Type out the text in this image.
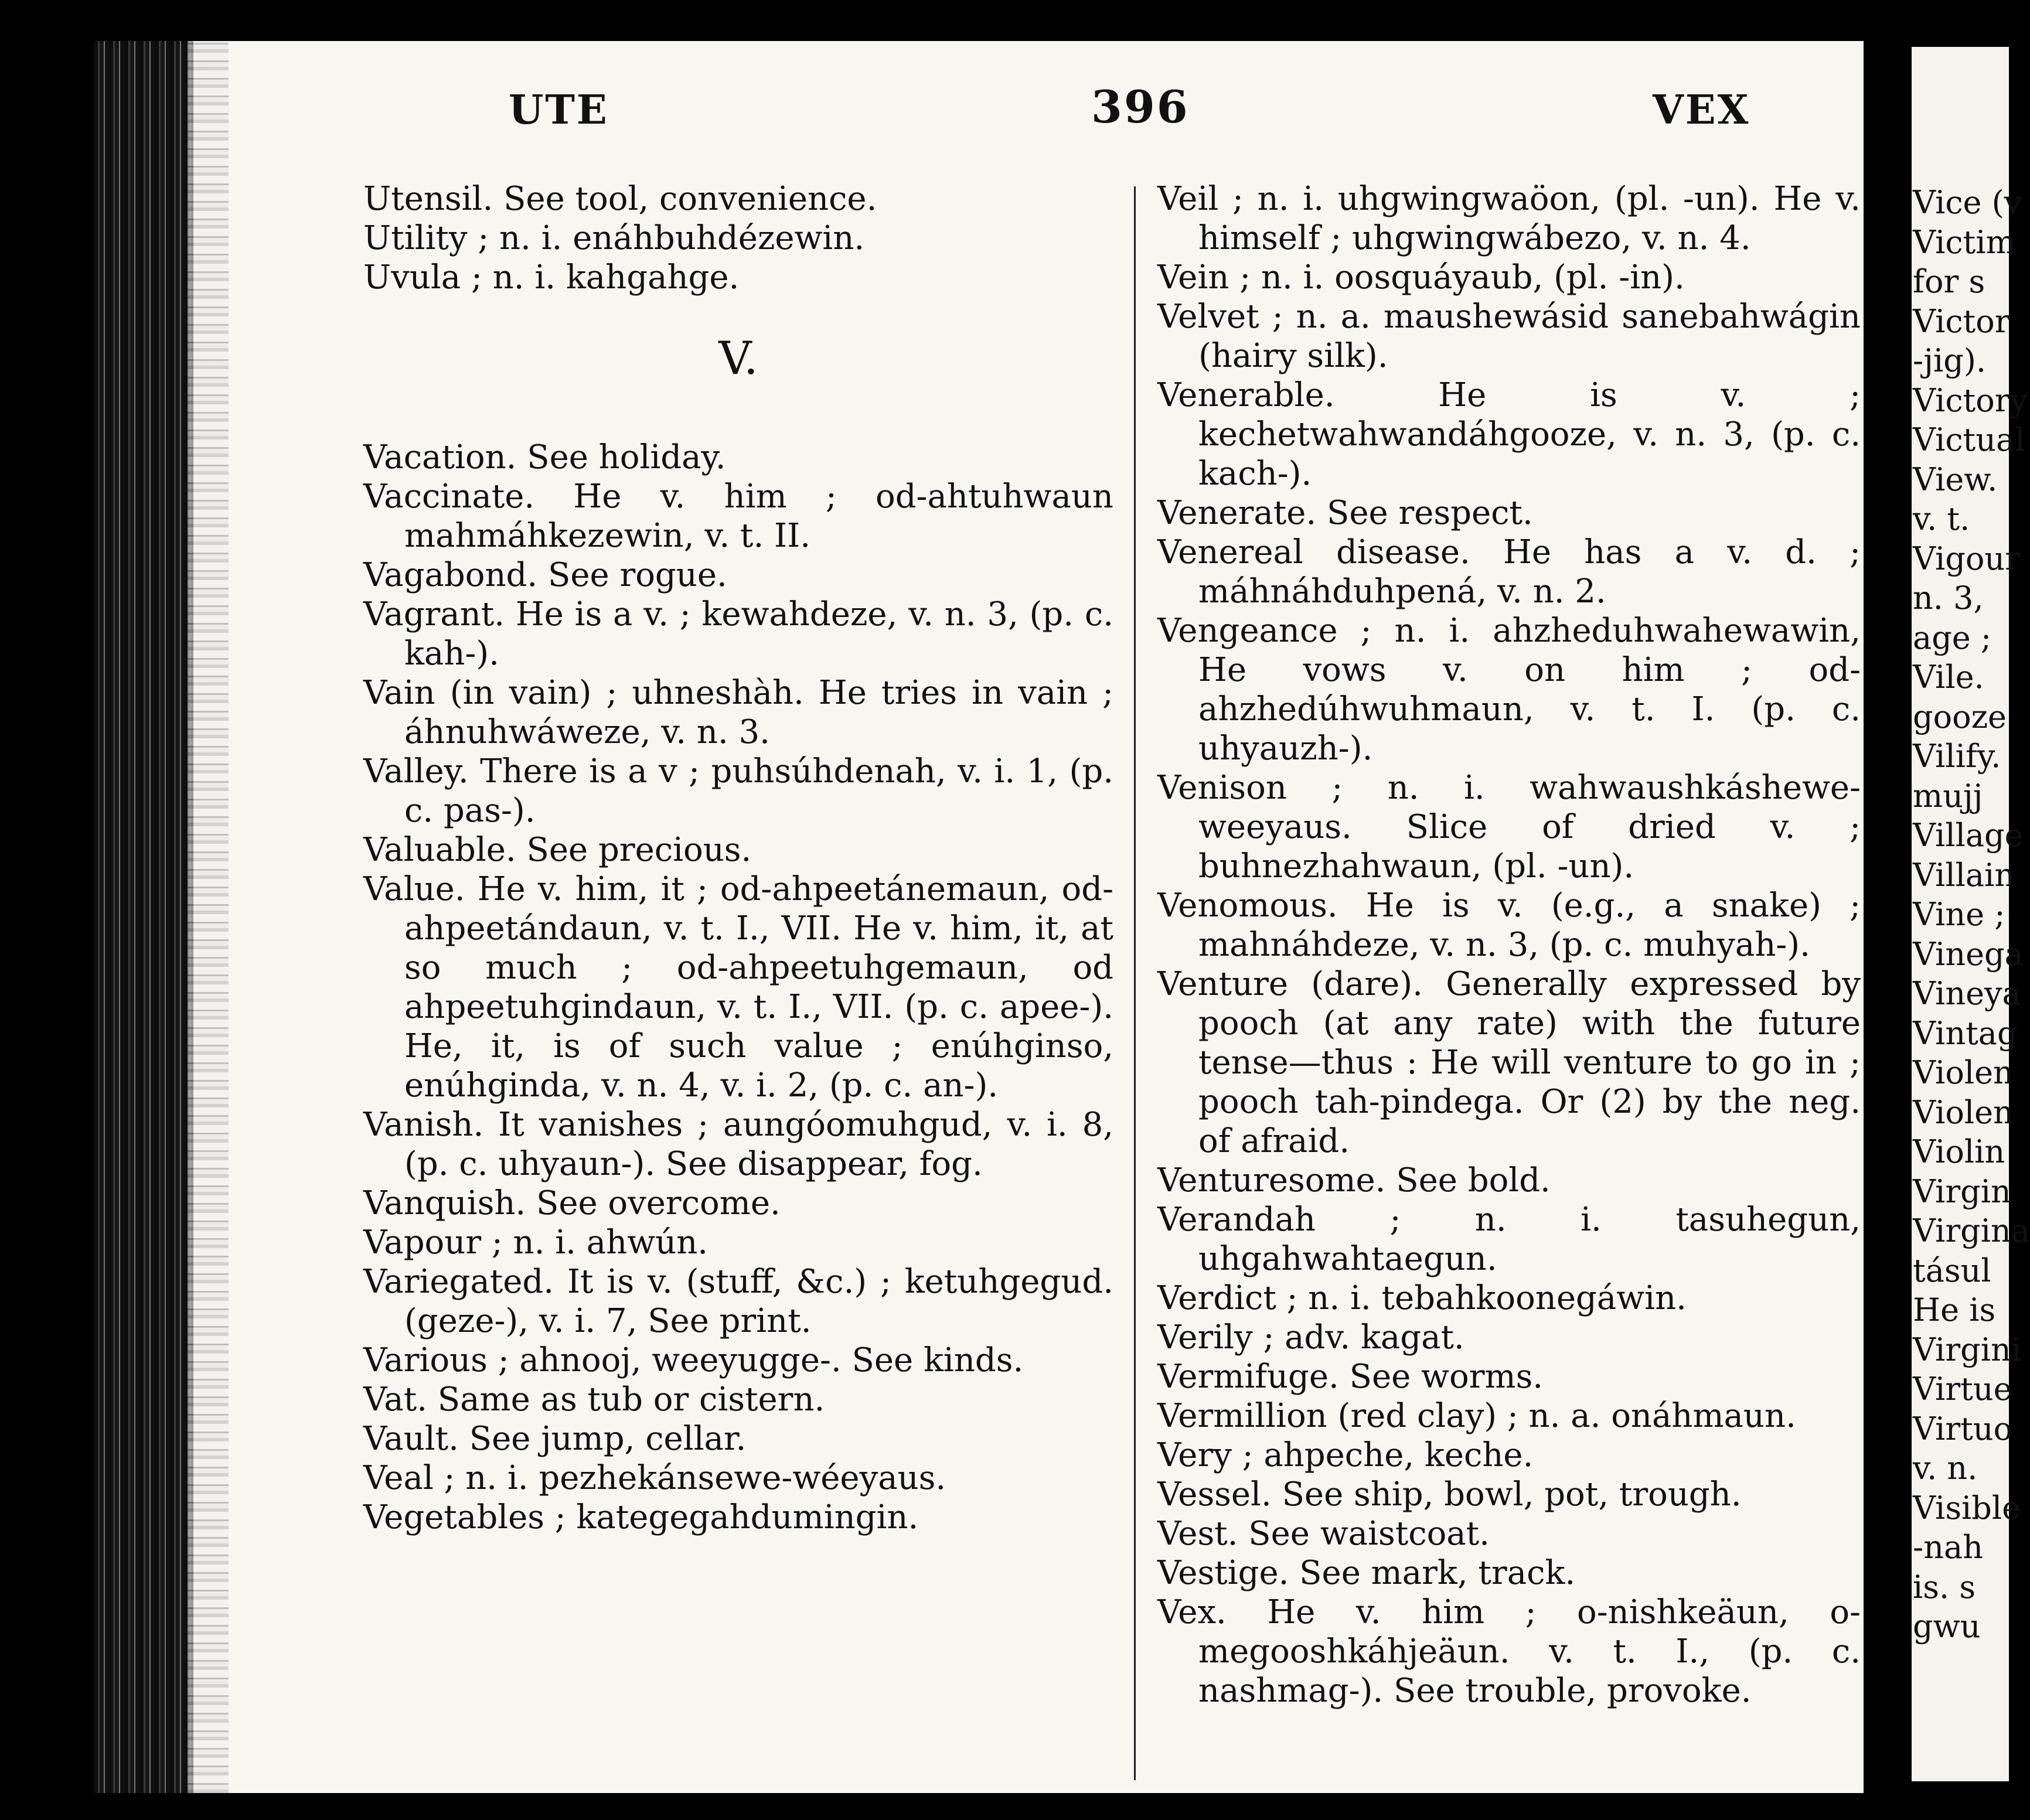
Vice (v
Victim
for s
Victor
-jig).
Victory
Victual
View.
v. t.
Vigour
n. 3,
age ;
Vile.
gooze
Vilify.
mujj
Village
Villain
Vine ;
Vinega
Vineya
Vintag
Violen
Violen
Violin
Virgin
Virgina
tásul
He is
Virgini
Virtue
Virtuo
v. n.
Visible
-nah
is. s
gwu
UTE	396	VEX
Utensil. See tool, convenience.
Utility ; n. i. enáhbuhdézewin.
Uvula ; n. i. kahgahge.
V.
Vacation. See holiday.
Vaccinate. He v. him ; od-ahtuhwaun mahmáhkezewin, v. t. II.
Vagabond. See rogue.
Vagrant. He is a v. ; kewahdeze, v. n. 3, (p. c. kah-).
Vain (in vain) ; uhneshàh. He tries in vain ; áhnuhwáweze, v. n. 3.
Valley. There is a v ; puhsúhdenah, v. i. 1, (p. c. pas-).
Valuable. See precious.
Value. He v. him, it ; od-ahpeetánemaun, od-ahpeetándaun, v. t. I., VII. He v. him, it, at so much ; od-ahpeetuhgemaun, od ahpeetuhgindaun, v. t. I., VII. (p. c. apee-). He, it, is of such value ; enúhginso, enúhginda, v. n. 4, v. i. 2, (p. c. an-).
Vanish. It vanishes ; aungóomuhgud, v. i. 8, (p. c. uhyaun-). See disappear, fog.
Vanquish. See overcome.
Vapour ; n. i. ahwún.
Variegated. It is v. (stuff, &c.) ; ketuhgegud. (geze-), v. i. 7, See print.
Various ; ahnooj, weeyugge-. See kinds.
Vat. Same as tub or cistern.
Vault. See jump, cellar.
Veal ; n. i. pezhekánsewe-wéeyaus.
Vegetables ; kategegahdumingin.
Veil ; n. i. uhgwingwaöon, (pl. -un). He v. himself ; uhgwingwábezo, v. n. 4.
Vein ; n. i. oosquáyaub, (pl. -in).
Velvet ; n. a. maushewásid sanebahwágin (hairy silk).
Venerable. He is v. ; kechetwahwandáhgooze, v. n. 3, (p. c. kach-).
Venerate. See respect.
Venereal disease. He has a v. d. ; máhnáhduhpená, v. n. 2.
Vengeance ; n. i. ahzheduhwahewawin, He vows v. on him ; od-ahzhedúhwuhmaun, v. t. I. (p. c. uhyauzh-).
Venison ; n. i. wahwaushkáshewe-weeyaus. Slice of dried v. ; buhnezhahwaun, (pl. -un).
Venomous. He is v. (e.g., a snake) ; mahnáhdeze, v. n. 3, (p. c. muhyah-).
Venture (dare). Generally expressed by pooch (at any rate) with the future tense—thus : He will venture to go in ; pooch tah-pindega. Or (2) by the neg. of afraid.
Venturesome. See bold.
Verandah ; n. i. tasuhegun, uhgahwahtaegun.
Verdict ; n. i. tebahkoonegáwin.
Verily ; adv. kagat.
Vermifuge. See worms.
Vermillion (red clay) ; n. a. onáhmaun.
Very ; ahpeche, keche.
Vessel. See ship, bowl, pot, trough.
Vest. See waistcoat.
Vestige. See mark, track.
Vex. He v. him ; o-nishkeäun, o-megooshkáhjeäun. v. t. I., (p. c. nashmag-). See trouble, provoke.
